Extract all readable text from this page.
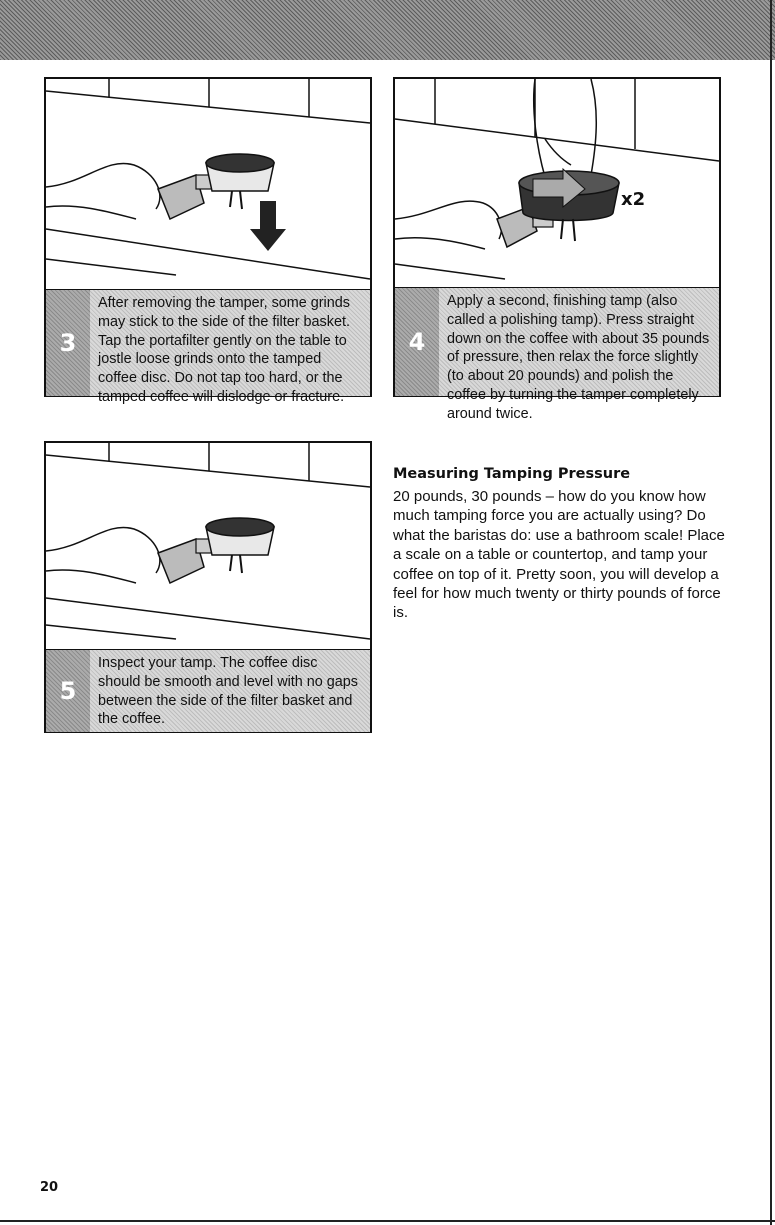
3
After removing the tamper, some grinds may stick to the side of the filter basket. Tap the portafilter gently on the table to jostle loose grinds onto the tamped coffee disc. Do not tap too hard, or the tamped coffee will dislodge or fracture.
x2
4
Apply a second, finishing tamp (also called a polishing tamp). Press straight down on the coffee with about 35 pounds of pressure, then relax the force slightly (to about 20 pounds) and polish the coffee by turning the tamper completely around twice.
5
Inspect your tamp. The coffee disc should be smooth and level with no gaps between the side of the filter basket and the coffee.
Measuring Tamping Pressure
20 pounds, 30 pounds – how do you know how much tamping force you are actually using? Do what the baristas do: use a bathroom scale! Place a scale on a table or countertop, and tamp your coffee on top of it. Pretty soon, you will develop a feel for how much twenty or thirty pounds of force is.
20
